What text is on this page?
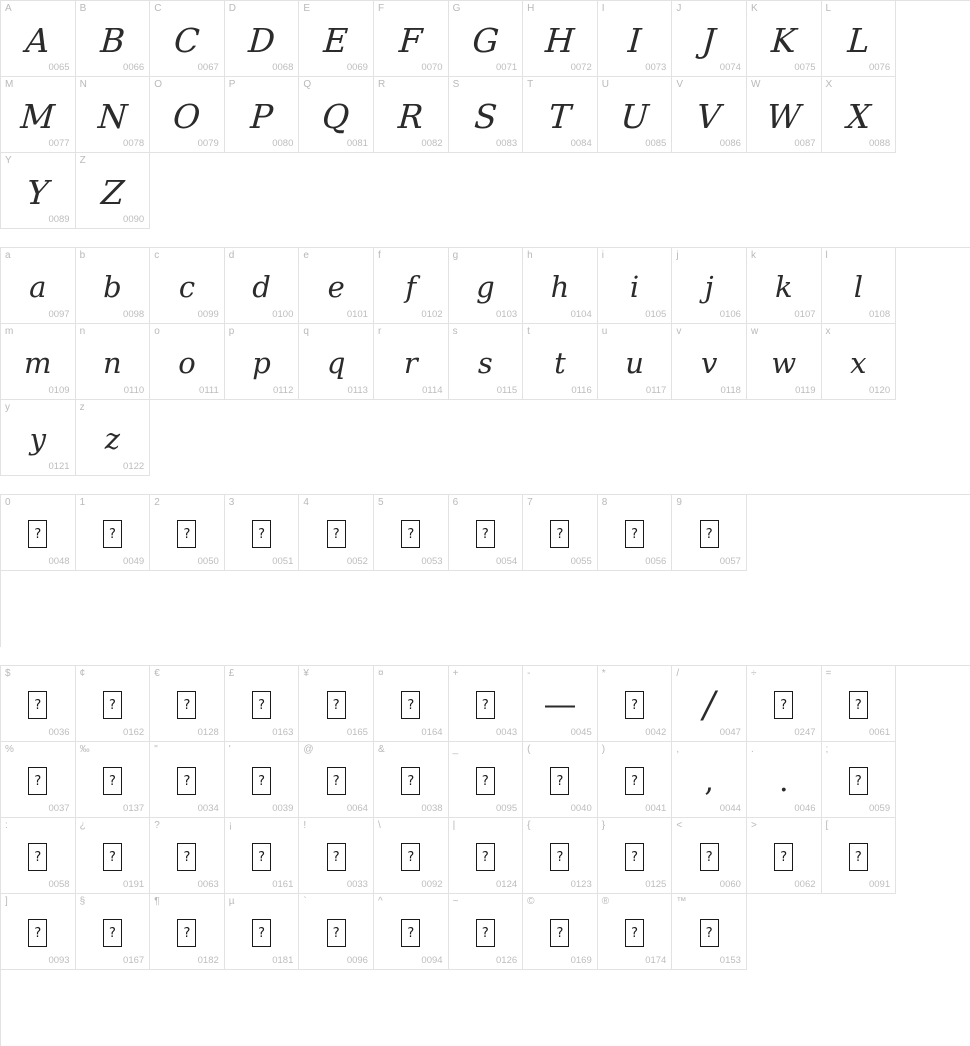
A
A
0065
B
B
0066
C
C
0067
D
D
0068
E
E
0069
F
F
0070
G
G
0071
H
H
0072
I
I
0073
J
J
0074
K
K
0075
L
L
0076
M
M
0077
N
N
0078
O
O
0079
P
P
0080
Q
Q
0081
R
R
0082
S
S
0083
T
T
0084
U
U
0085
V
V
0086
W
W
0087
X
X
0088
Y
Y
0089
Z
Z
0090
a
a
0097
b
b
0098
c
c
0099
d
d
0100
e
e
0101
f
f
0102
g
g
0103
h
h
0104
i
i
0105
j
j
0106
k
k
0107
l
l
0108
m
m
0109
n
n
0110
o
o
0111
p
p
0112
q
q
0113
r
r
0114
s
s
0115
t
t
0116
u
u
0117
v
v
0118
w
w
0119
x
x
0120
y
y
0121
z
z
0122
0
?
0048
1
?
0049
2
?
0050
3
?
0051
4
?
0052
5
?
0053
6
?
0054
7
?
0055
8
?
0056
9
?
0057
$
?
0036
¢
?
0162
€
?
0128
£
?
0163
¥
?
0165
¤
?
0164
+
?
0043
-
—
0045
*
?
0042
/
/
0047
÷
?
0247
=
?
0061
%
?
0037
‰
?
0137
"
?
0034
'
?
0039
@
?
0064
&
?
0038
_
?
0095
(
?
0040
)
?
0041
,
,
0044
.
.
0046
;
?
0059
:
?
0058
¿
?
0191
?
?
0063
¡
?
0161
!
?
0033
\
?
0092
|
?
0124
{
?
0123
}
?
0125
<
?
0060
>
?
0062
[
?
0091
]
?
0093
§
?
0167
¶
?
0182
µ
?
0181
`
?
0096
^
?
0094
~
?
0126
©
?
0169
®
?
0174
™
?
0153
